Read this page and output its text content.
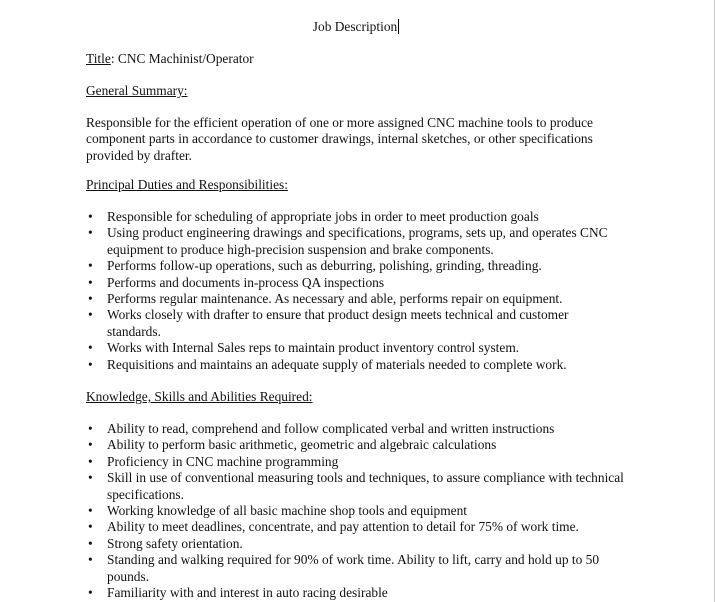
Job Description
Title: CNC Machinist/Operator
General Summary:
Responsible for the efficient operation of one or more assigned CNC machine tools to produce
component parts in accordance to customer drawings, internal sketches, or other specifications
provided by drafter.
Principal Duties and Responsibilities:
• Responsible for scheduling of appropriate jobs in order to meet production goals
• Using product engineering drawings and specifications, programs, sets up, and operates CNC
equipment to produce high-precision suspension and brake components.
• Performs follow-up operations, such as deburring, polishing, grinding, threading.
• Performs and documents in-process QA inspections
• Performs regular maintenance. As necessary and able, performs repair on equipment.
• Works closely with drafter to ensure that product design meets technical and customer
standards.
• Works with Internal Sales reps to maintain product inventory control system.
• Requisitions and maintains an adequate supply of materials needed to complete work.
Knowledge, Skills and Abilities Required:
• Ability to read, comprehend and follow complicated verbal and written instructions
• Ability to perform basic arithmetic, geometric and algebraic calculations
• Proficiency in CNC machine programming
• Skill in use of conventional measuring tools and techniques, to assure compliance with technical
specifications.
• Working knowledge of all basic machine shop tools and equipment
• Ability to meet deadlines, concentrate, and pay attention to detail for 75% of work time.
• Strong safety orientation.
• Standing and walking required for 90% of work time. Ability to lift, carry and hold up to 50
pounds.
• Familiarity with and interest in auto racing desirable
